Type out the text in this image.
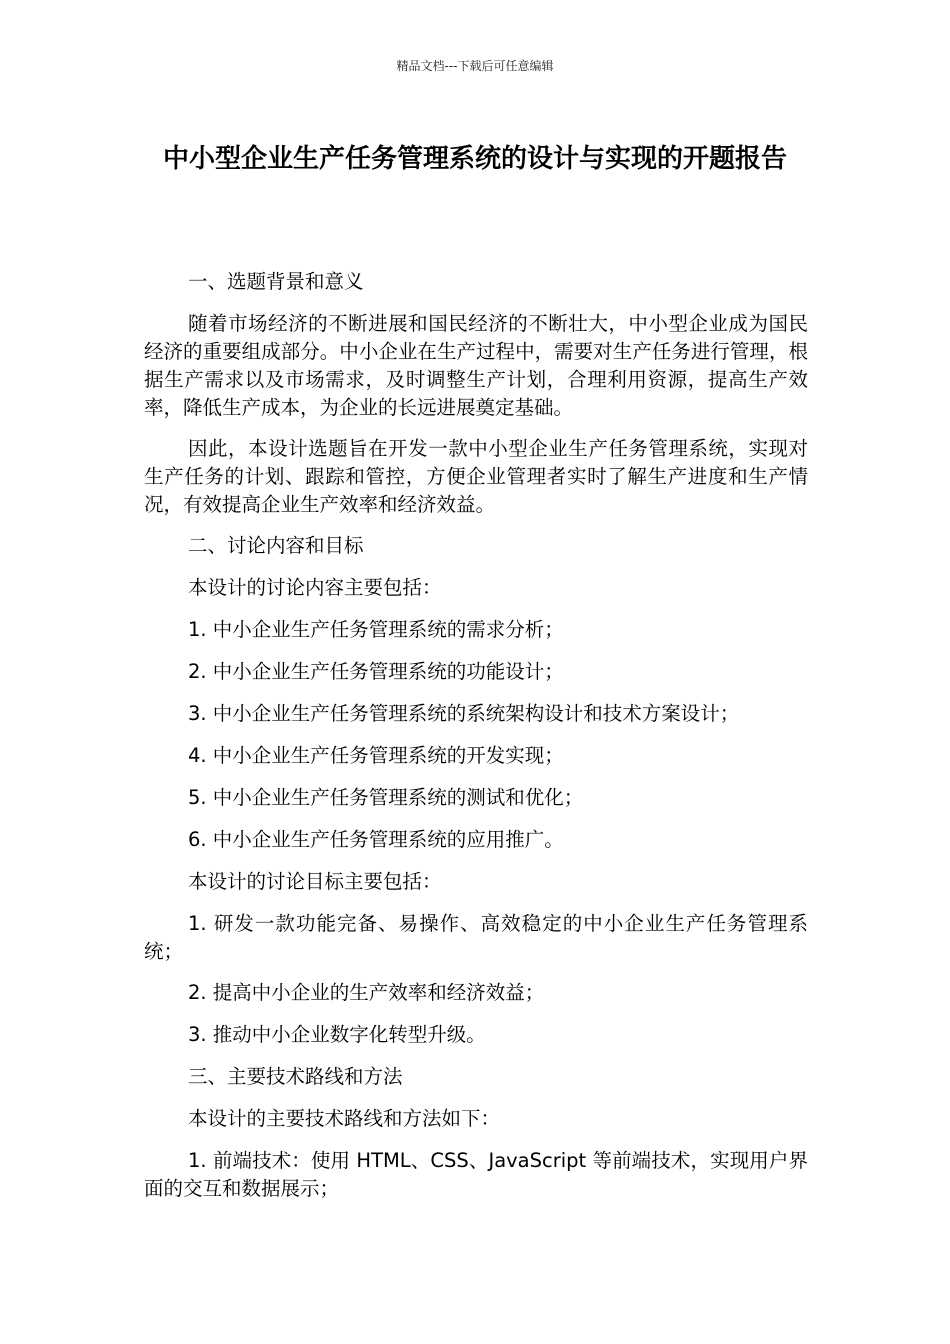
精品文档---下载后可任意编辑
中小型企业生产任务管理系统的设计与实现的开题报告

一、选题背景和意义

随着市场经济的不断进展和国民经济的不断壮大，中小型企业成为国民经济的重要组成部分。中小企业在生产过程中，需要对生产任务进行管理，根据生产需求以及市场需求，及时调整生产计划，合理利用资源，提高生产效率，降低生产成本，为企业的长远进展奠定基础。

因此，本设计选题旨在开发一款中小型企业生产任务管理系统，实现对生产任务的计划、跟踪和管控，方便企业管理者实时了解生产进度和生产情况，有效提高企业生产效率和经济效益。

二、讨论内容和目标

本设计的讨论内容主要包括：

1. 中小企业生产任务管理系统的需求分析；

2. 中小企业生产任务管理系统的功能设计；

3. 中小企业生产任务管理系统的系统架构设计和技术方案设计；

4. 中小企业生产任务管理系统的开发实现；

5. 中小企业生产任务管理系统的测试和优化；

6. 中小企业生产任务管理系统的应用推广。

本设计的讨论目标主要包括：

1. 研发一款功能完备、易操作、高效稳定的中小企业生产任务管理系统；

2. 提高中小企业的生产效率和经济效益；

3. 推动中小企业数字化转型升级。

三、主要技术路线和方法

本设计的主要技术路线和方法如下：

1. 前端技术：使用 HTML、CSS、JavaScript 等前端技术，实现用户界面的交互和数据展示；
